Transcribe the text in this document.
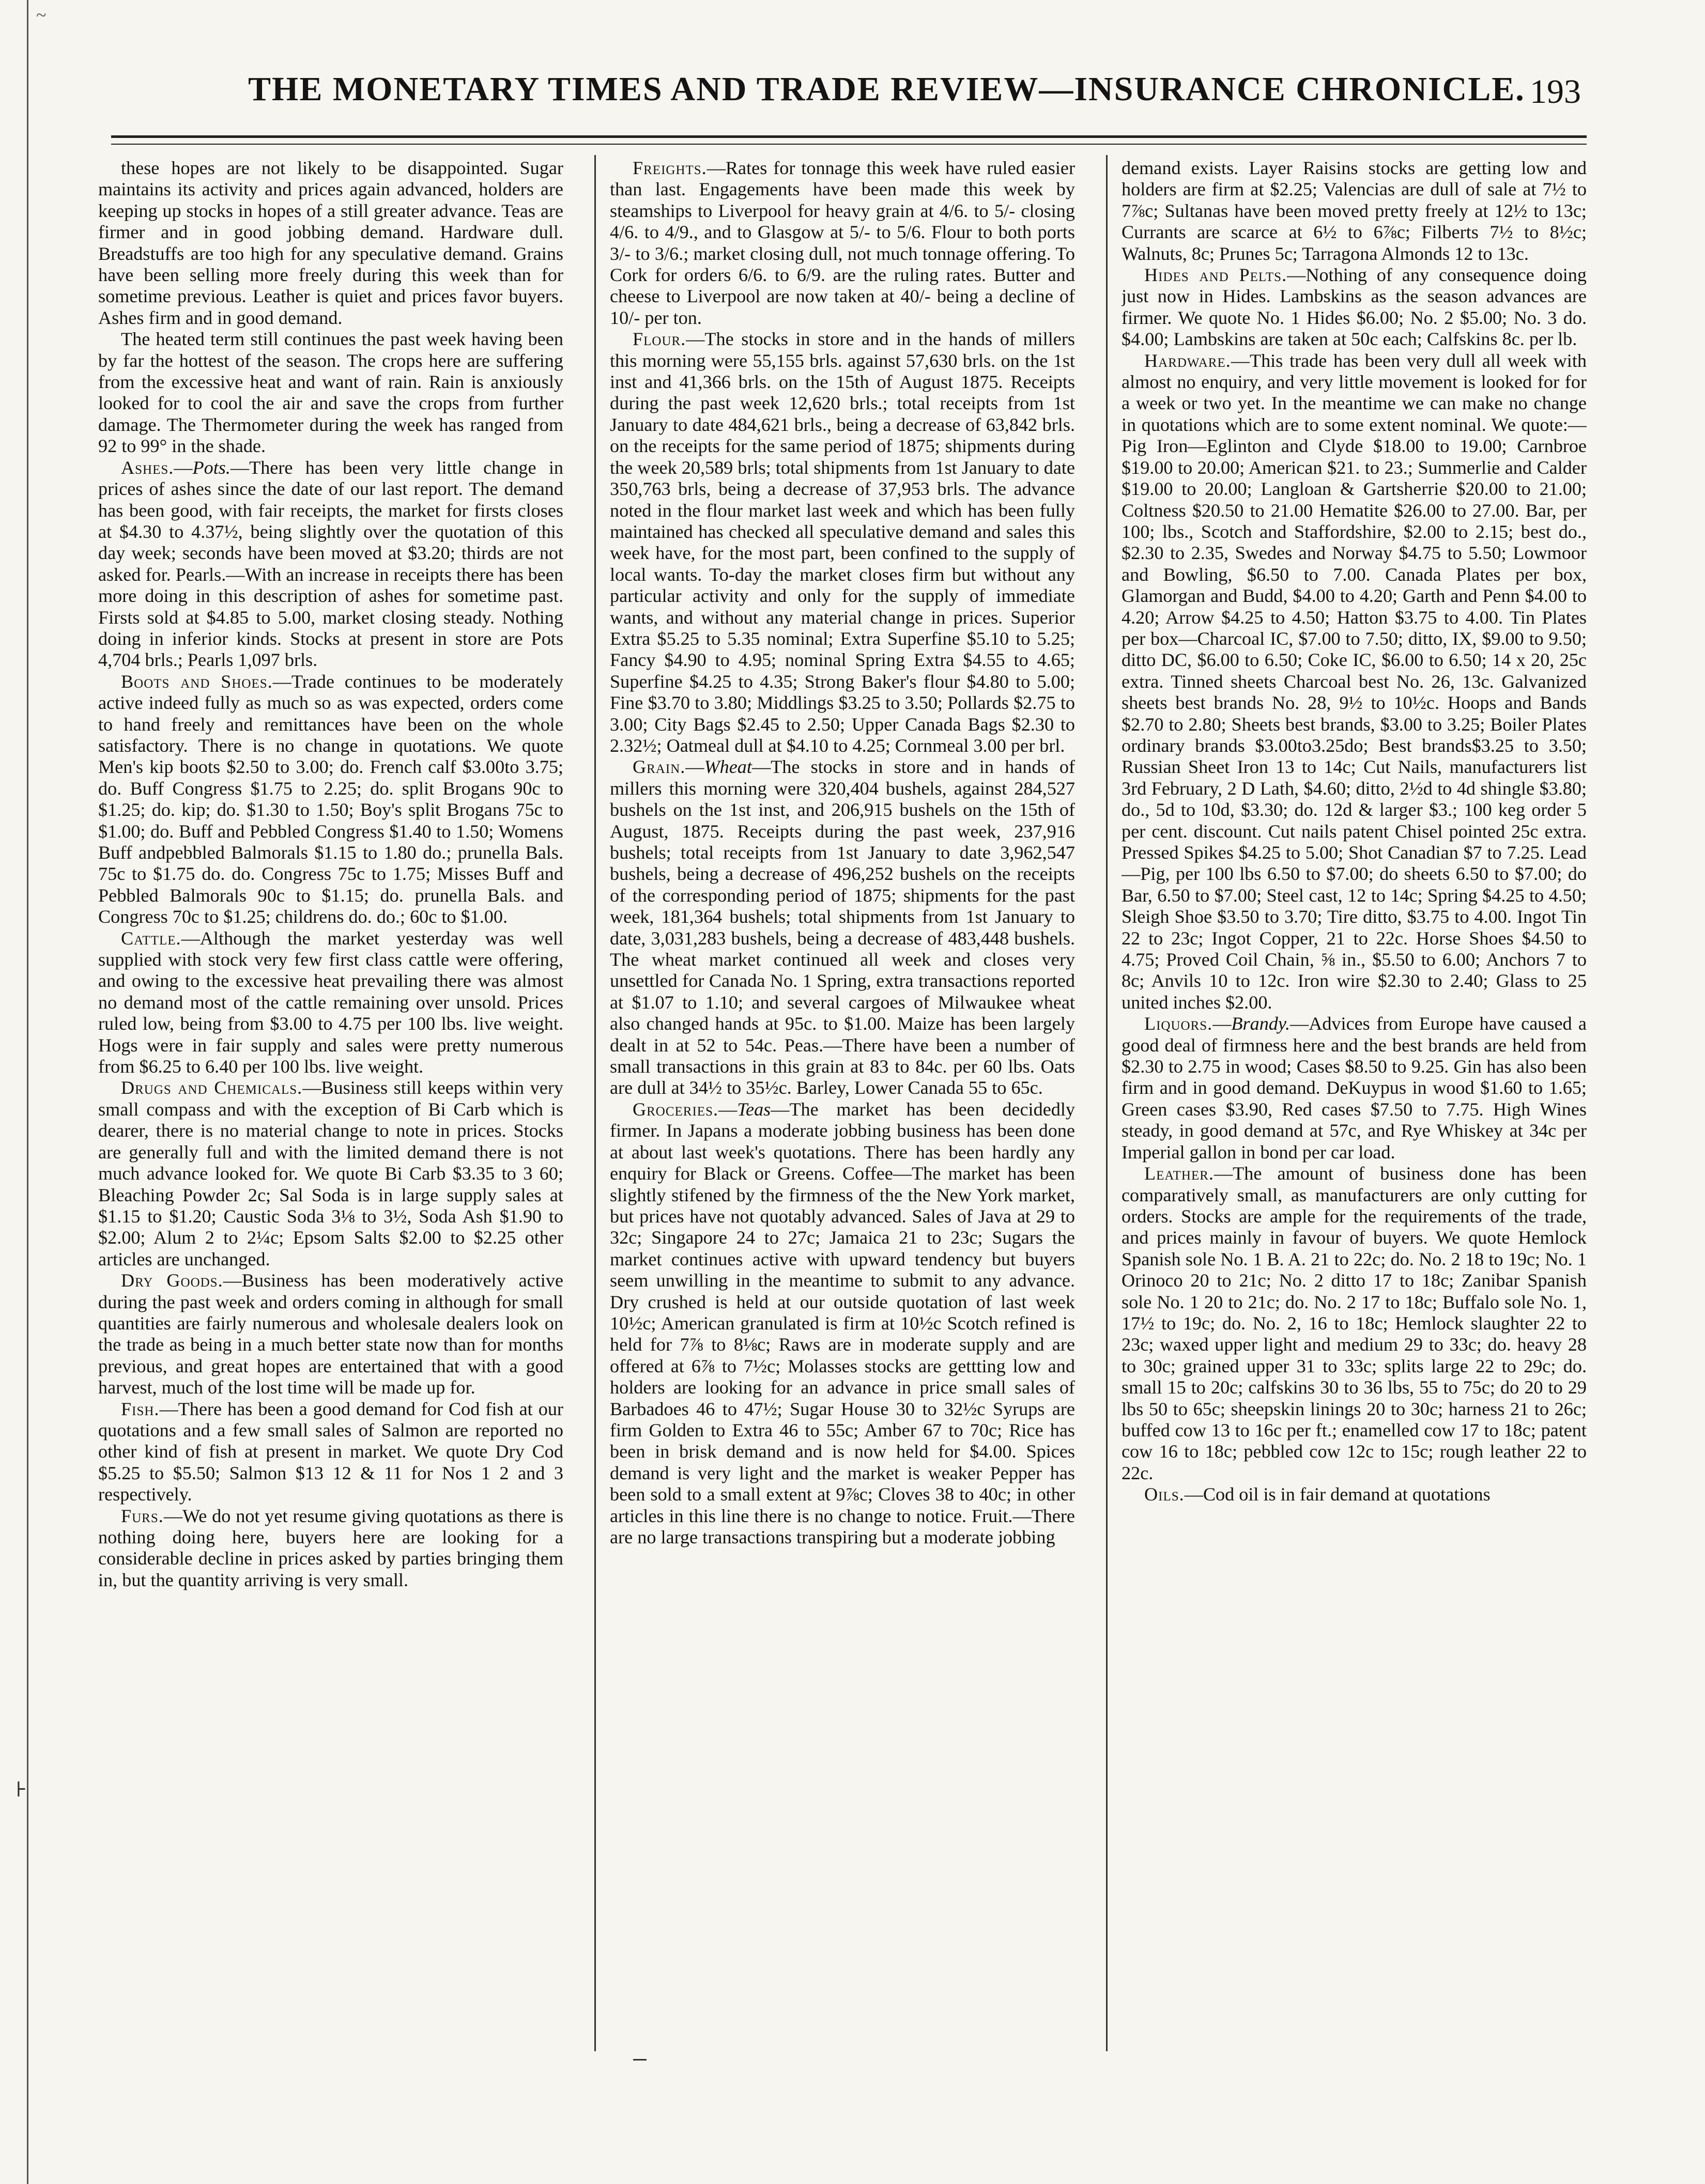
~
⊦
THE MONETARY TIMES AND TRADE REVIEW—INSURANCE CHRONICLE. 193

these hopes are not likely to be disappointed. Sugar maintains its activity and prices again advanced, holders are keeping up stocks in hopes of a still greater advance. Teas are firmer and in good jobbing demand. Hardware dull. Breadstuffs are too high for any speculative demand. Grains have been selling more freely during this week than for sometime previous. Leather is quiet and prices favor buyers. Ashes firm and in good demand.

The heated term still continues the past week having been by far the hottest of the season. The crops here are suffering from the excessive heat and want of rain. Rain is anxiously looked for to cool the air and save the crops from further damage. The Thermometer during the week has ranged from 92 to 99° in the shade.

Ashes.—Pots.—There has been very little change in prices of ashes since the date of our last report. The demand has been good, with fair receipts, the market for firsts closes at $4.30 to 4.37½, being slightly over the quotation of this day week; seconds have been moved at $3.20; thirds are not asked for. Pearls.—With an increase in receipts there has been more doing in this description of ashes for sometime past. Firsts sold at $4.85 to 5.00, market closing steady. Nothing doing in inferior kinds. Stocks at present in store are Pots 4,704 brls.; Pearls 1,097 brls.

Boots and Shoes.—Trade continues to be moderately active indeed fully as much so as was expected, orders come to hand freely and remittances have been on the whole satisfactory. There is no change in quotations. We quote Men's kip boots $2.50 to 3.00; do. French calf $3.00to 3.75; do. Buff Congress $1.75 to 2.25; do. split Brogans 90c to $1.25; do. kip; do. $1.30 to 1.50; Boy's split Brogans 75c to $1.00; do. Buff and Pebbled Congress $1.40 to 1.50; Womens Buff andpebbled Balmorals $1.15 to 1.80 do.; prunella Bals. 75c to $1.75 do. do. Congress 75c to 1.75; Misses Buff and Pebbled Balmorals 90c to $1.15; do. prunella Bals. and Congress 70c to $1.25; childrens do. do.; 60c to $1.00.

Cattle.—Although the market yesterday was well supplied with stock very few first class cattle were offering, and owing to the excessive heat prevailing there was almost no demand most of the cattle remaining over unsold. Prices ruled low, being from $3.00 to 4.75 per 100 lbs. live weight. Hogs were in fair supply and sales were pretty numerous from $6.25 to 6.40 per 100 lbs. live weight.

Drugs and Chemicals.—Business still keeps within very small compass and with the exception of Bi Carb which is dearer, there is no material change to note in prices. Stocks are generally full and with the limited demand there is not much advance looked for. We quote Bi Carb $3.35 to 3 60; Bleaching Powder 2c; Sal Soda is in large supply sales at $1.15 to $1.20; Caustic Soda 3⅛ to 3½, Soda Ash $1.90 to $2.00; Alum 2 to 2¼c; Epsom Salts $2.00 to $2.25 other articles are unchanged.

Dry Goods.—Business has been moderatively active during the past week and orders coming in although for small quantities are fairly numerous and wholesale dealers look on the trade as being in a much better state now than for months previous, and great hopes are entertained that with a good harvest, much of the lost time will be made up for.

Fish.—There has been a good demand for Cod fish at our quotations and a few small sales of Salmon are reported no other kind of fish at present in market. We quote Dry Cod $5.25 to $5.50; Salmon $13 12 & 11 for Nos 1 2 and 3 respectively.

Furs.—We do not yet resume giving quotations as there is nothing doing here, buyers here are looking for a considerable decline in prices asked by parties bringing them in, but the quantity arriving is very small.

Freights.—Rates for tonnage this week have ruled easier than last. Engagements have been made this week by steamships to Liverpool for heavy grain at 4/6. to 5/- closing 4/6. to 4/9., and to Glasgow at 5/- to 5/6. Flour to both ports 3/- to 3/6.; market closing dull, not much tonnage offering. To Cork for orders 6/6. to 6/9. are the ruling rates. Butter and cheese to Liverpool are now taken at 40/- being a decline of 10/- per ton.

Flour.—The stocks in store and in the hands of millers this morning were 55,155 brls. against 57,630 brls. on the 1st inst and 41,366 brls. on the 15th of August 1875. Receipts during the past week 12,620 brls.; total receipts from 1st January to date 484,621 brls., being a decrease of 63,842 brls. on the receipts for the same period of 1875; shipments during the week 20,589 brls; total shipments from 1st January to date 350,763 brls, being a decrease of 37,953 brls. The advance noted in the flour market last week and which has been fully maintained has checked all speculative demand and sales this week have, for the most part, been confined to the supply of local wants. To-day the market closes firm but without any particular activity and only for the supply of immediate wants, and without any material change in prices. Superior Extra $5.25 to 5.35 nominal; Extra Superfine $5.10 to 5.25; Fancy $4.90 to 4.95; nominal Spring Extra $4.55 to 4.65; Superfine $4.25 to 4.35; Strong Baker's flour $4.80 to 5.00; Fine $3.70 to 3.80; Middlings $3.25 to 3.50; Pollards $2.75 to 3.00; City Bags $2.45 to 2.50; Upper Canada Bags $2.30 to 2.32½; Oatmeal dull at $4.10 to 4.25; Cornmeal 3.00 per brl.

Grain.—Wheat—The stocks in store and in hands of millers this morning were 320,404 bushels, against 284,527 bushels on the 1st inst, and 206,915 bushels on the 15th of August, 1875. Receipts during the past week, 237,916 bushels; total receipts from 1st January to date 3,962,547 bushels, being a decrease of 496,252 bushels on the receipts of the corresponding period of 1875; shipments for the past week, 181,364 bushels; total shipments from 1st January to date, 3,031,283 bushels, being a decrease of 483,448 bushels. The wheat market continued all week and closes very unsettled for Canada No. 1 Spring, extra transactions reported at $1.07 to 1.10; and several cargoes of Milwaukee wheat also changed hands at 95c. to $1.00. Maize has been largely dealt in at 52 to 54c. Peas.—There have been a number of small transactions in this grain at 83 to 84c. per 60 lbs. Oats are dull at 34½ to 35½c. Barley, Lower Canada 55 to 65c.

Groceries.—Teas—The market has been decidedly firmer. In Japans a moderate jobbing business has been done at about last week's quotations. There has been hardly any enquiry for Black or Greens. Coffee—The market has been slightly stifened by the firmness of the the New York market, but prices have not quotably advanced. Sales of Java at 29 to 32c; Singapore 24 to 27c; Jamaica 21 to 23c; Sugars the market continues active with upward tendency but buyers seem unwilling in the meantime to submit to any advance. Dry crushed is held at our outside quotation of last week 10½c; American granulated is firm at 10½c Scotch refined is held for 7⅞ to 8⅛c; Raws are in moderate supply and are offered at 6⅞ to 7½c; Molasses stocks are gettting low and holders are looking for an advance in price small sales of Barbadoes 46 to 47½; Sugar House 30 to 32½c Syrups are firm Golden to Extra 46 to 55c; Amber 67 to 70c; Rice has been in brisk demand and is now held for $4.00. Spices demand is very light and the market is weaker Pepper has been sold to a small extent at 9⅞c; Cloves 38 to 40c; in other articles in this line there is no change to notice. Fruit.—There are no large transactions transpiring but a moderate jobbing

demand exists. Layer Raisins stocks are getting low and holders are firm at $2.25; Valencias are dull of sale at 7½ to 7⅞c; Sultanas have been moved pretty freely at 12½ to 13c; Currants are scarce at 6½ to 6⅞c; Filberts 7½ to 8½c; Walnuts, 8c; Prunes 5c; Tarragona Almonds 12 to 13c.

Hides and Pelts.—Nothing of any consequence doing just now in Hides. Lambskins as the season advances are firmer. We quote No. 1 Hides $6.00; No. 2 $5.00; No. 3 do. $4.00; Lambskins are taken at 50c each; Calfskins 8c. per lb.

Hardware.—This trade has been very dull all week with almost no enquiry, and very little movement is looked for for a week or two yet. In the meantime we can make no change in quotations which are to some extent nominal. We quote:—Pig Iron—Eglinton and Clyde $18.00 to 19.00; Carnbroe $19.00 to 20.00; American $21. to 23.; Summerlie and Calder $19.00 to 20.00; Langloan & Gartsherrie $20.00 to 21.00; Coltness $20.50 to 21.00 Hematite $26.00 to 27.00. Bar, per 100; lbs., Scotch and Staffordshire, $2.00 to 2.15; best do., $2.30 to 2.35, Swedes and Norway $4.75 to 5.50; Lowmoor and Bowling, $6.50 to 7.00. Canada Plates per box, Glamorgan and Budd, $4.00 to 4.20; Garth and Penn $4.00 to 4.20; Arrow $4.25 to 4.50; Hatton $3.75 to 4.00. Tin Plates per box—Charcoal IC, $7.00 to 7.50; ditto, IX, $9.00 to 9.50; ditto DC, $6.00 to 6.50; Coke IC, $6.00 to 6.50; 14 x 20, 25c extra. Tinned sheets Charcoal best No. 26, 13c. Galvanized sheets best brands No. 28, 9½ to 10½c. Hoops and Bands $2.70 to 2.80; Sheets best brands, $3.00 to 3.25; Boiler Plates ordinary brands $3.00to3.25do; Best brands$3.25 to 3.50; Russian Sheet Iron 13 to 14c; Cut Nails, manufacturers list 3rd February, 2 D Lath, $4.60; ditto, 2½d to 4d shingle $3.80; do., 5d to 10d, $3.30; do. 12d & larger $3.; 100 keg order 5 per cent. discount. Cut nails patent Chisel pointed 25c extra. Pressed Spikes $4.25 to 5.00; Shot Canadian $7 to 7.25. Lead—Pig, per 100 lbs 6.50 to $7.00; do sheets 6.50 to $7.00; do Bar, 6.50 to $7.00; Steel cast, 12 to 14c; Spring $4.25 to 4.50; Sleigh Shoe $3.50 to 3.70; Tire ditto, $3.75 to 4.00. Ingot Tin 22 to 23c; Ingot Copper, 21 to 22c. Horse Shoes $4.50 to 4.75; Proved Coil Chain, ⅝ in., $5.50 to 6.00; Anchors 7 to 8c; Anvils 10 to 12c. Iron wire $2.30 to 2.40; Glass to 25 united inches $2.00.

Liquors.—Brandy.—Advices from Europe have caused a good deal of firmness here and the best brands are held from $2.30 to 2.75 in wood; Cases $8.50 to 9.25. Gin has also been firm and in good demand. DeKuypus in wood $1.60 to 1.65; Green cases $3.90, Red cases $7.50 to 7.75. High Wines steady, in good demand at 57c, and Rye Whiskey at 34c per Imperial gallon in bond per car load.

Leather.—The amount of business done has been comparatively small, as manufacturers are only cutting for orders. Stocks are ample for the requirements of the trade, and prices mainly in favour of buyers. We quote Hemlock Spanish sole No. 1 B. A. 21 to 22c; do. No. 2 18 to 19c; No. 1 Orinoco 20 to 21c; No. 2 ditto 17 to 18c; Zanibar Spanish sole No. 1 20 to 21c; do. No. 2 17 to 18c; Buffalo sole No. 1, 17½ to 19c; do. No. 2, 16 to 18c; Hemlock slaughter 22 to 23c; waxed upper light and medium 29 to 33c; do. heavy 28 to 30c; grained upper 31 to 33c; splits large 22 to 29c; do. small 15 to 20c; calfskins 30 to 36 lbs, 55 to 75c; do 20 to 29 lbs 50 to 65c; sheepskin linings 20 to 30c; harness 21 to 26c; buffed cow 13 to 16c per ft.; enamelled cow 17 to 18c; patent cow 16 to 18c; pebbled cow 12c to 15c; rough leather 22 to 22c.

Oils.—Cod oil is in fair demand at quotations
